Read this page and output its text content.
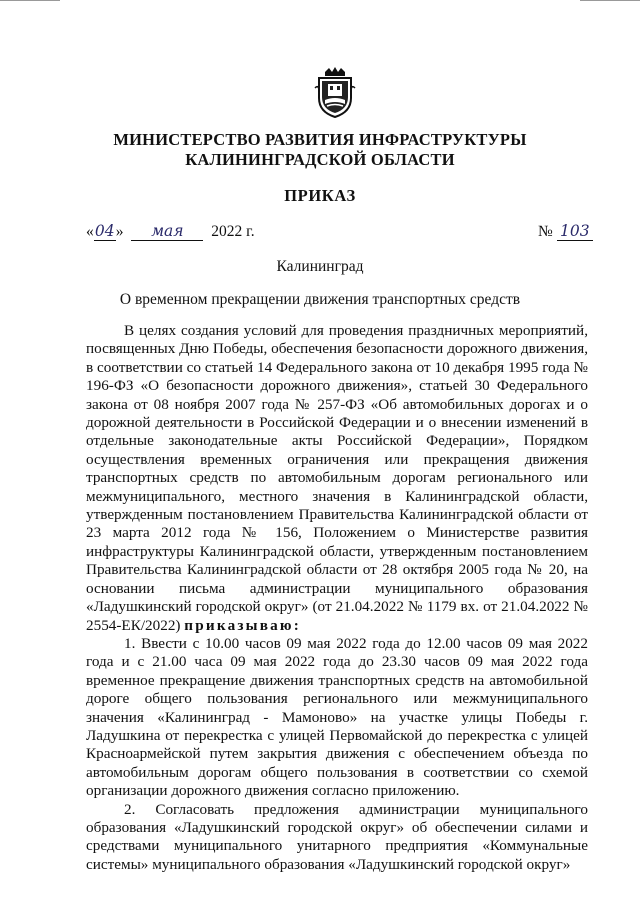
МИНИСТЕРСТВО РАЗВИТИЯ ИНФРАСТРУКТУРЫ
КАЛИНИНГРАДСКОЙ ОБЛАСТИ
ПРИКАЗ
«04» мая 2022 г.	№ 103
Калининград
О временном прекращении движения транспортных средств

В целях создания условий для проведения праздничных мероприятий, посвященных Дню Победы, обеспечения безопасности дорожного движения, в соответствии со статьей 14 Федерального закона от 10 декабря 1995 года № 196-ФЗ «О безопасности дорожного движения», статьей 30 Федерального закона от 08 ноября 2007 года № 257-ФЗ «Об автомобильных дорогах и о дорожной деятельности в Российской Федерации и о внесении изменений в отдельные законодательные акты Российской Федерации», Порядком осуществления временных ограничения или прекращения движения транспортных средств по автомобильным дорогам регионального или межмуниципального, местного значения в Калининградской области, утвержденным постановлением Правительства Калининградской области от 23 марта 2012 года № 156, Положением о Министерстве развития инфраструктуры Калининградской области, утвержденным постановлением Правительства Калининградской области от 28 октября 2005 года № 20, на основании письма администрации муниципального образования «Ладушкинский городской округ» (от 21.04.2022 № 1179 вх. от 21.04.2022 № 2554-ЕК/2022) приказываю:

1. Ввести с 10.00 часов 09 мая 2022 года до 12.00 часов 09 мая 2022 года и с 21.00 часа 09 мая 2022 года до 23.30 часов 09 мая 2022 года временное прекращение движения транспортных средств на автомобильной дороге общего пользования регионального или межмуниципального значения «Калининград - Мамоново» на участке улицы Победы г. Ладушкина от перекрестка с улицей Первомайской до перекрестка с улицей Красноармейской путем закрытия движения с обеспечением объезда по автомобильным дорогам общего пользования в соответствии со схемой организации дорожного движения согласно приложению.

2. Согласовать предложения администрации муниципального образования «Ладушкинский городской округ» об обеспечении силами и средствами муниципального унитарного предприятия «Коммунальные системы» муниципального образования «Ладушкинский городской округ»
